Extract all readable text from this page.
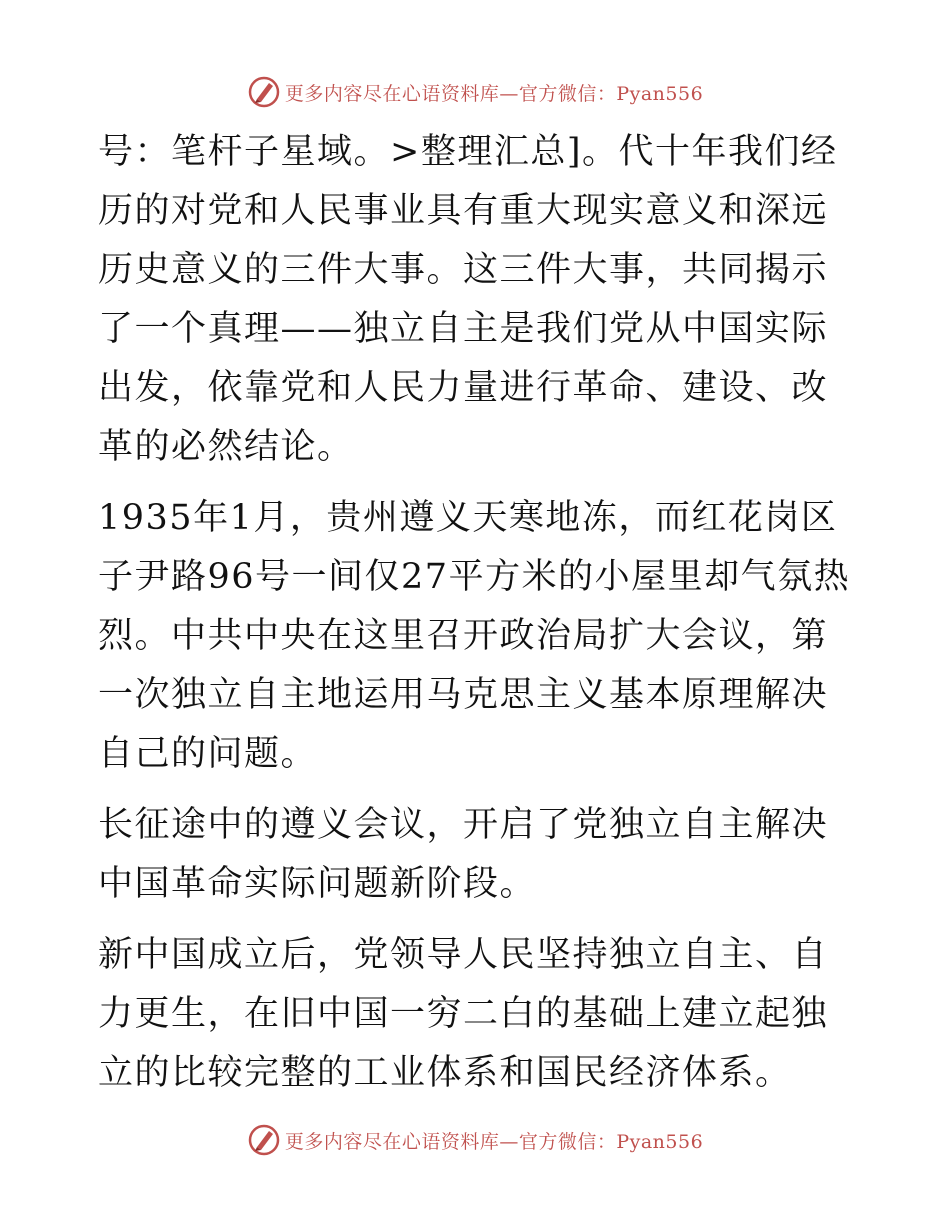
更多内容尽在心语资料库—官方微信：Pyan556

号：笔杆子星域。>整理汇总]。代十年我们经历的对党和人民事业具有重大现实意义和深远历史意义的三件大事。这三件大事，共同揭示了一个真理——独立自主是我们党从中国实际出发，依靠党和人民力量进行革命、建设、改革的必然结论。

1935年1月，贵州遵义天寒地冻，而红花岗区子尹路96号一间仅27平方米的小屋里却气氛热烈。中共中央在这里召开政治局扩大会议，第一次独立自主地运用马克思主义基本原理解决自己的问题。

长征途中的遵义会议，开启了党独立自主解决中国革命实际问题新阶段。

新中国成立后，党领导人民坚持独立自主、自力更生，在旧中国一穷二白的基础上建立起独立的比较完整的工业体系和国民经济体系。

更多内容尽在心语资料库—官方微信：Pyan556
